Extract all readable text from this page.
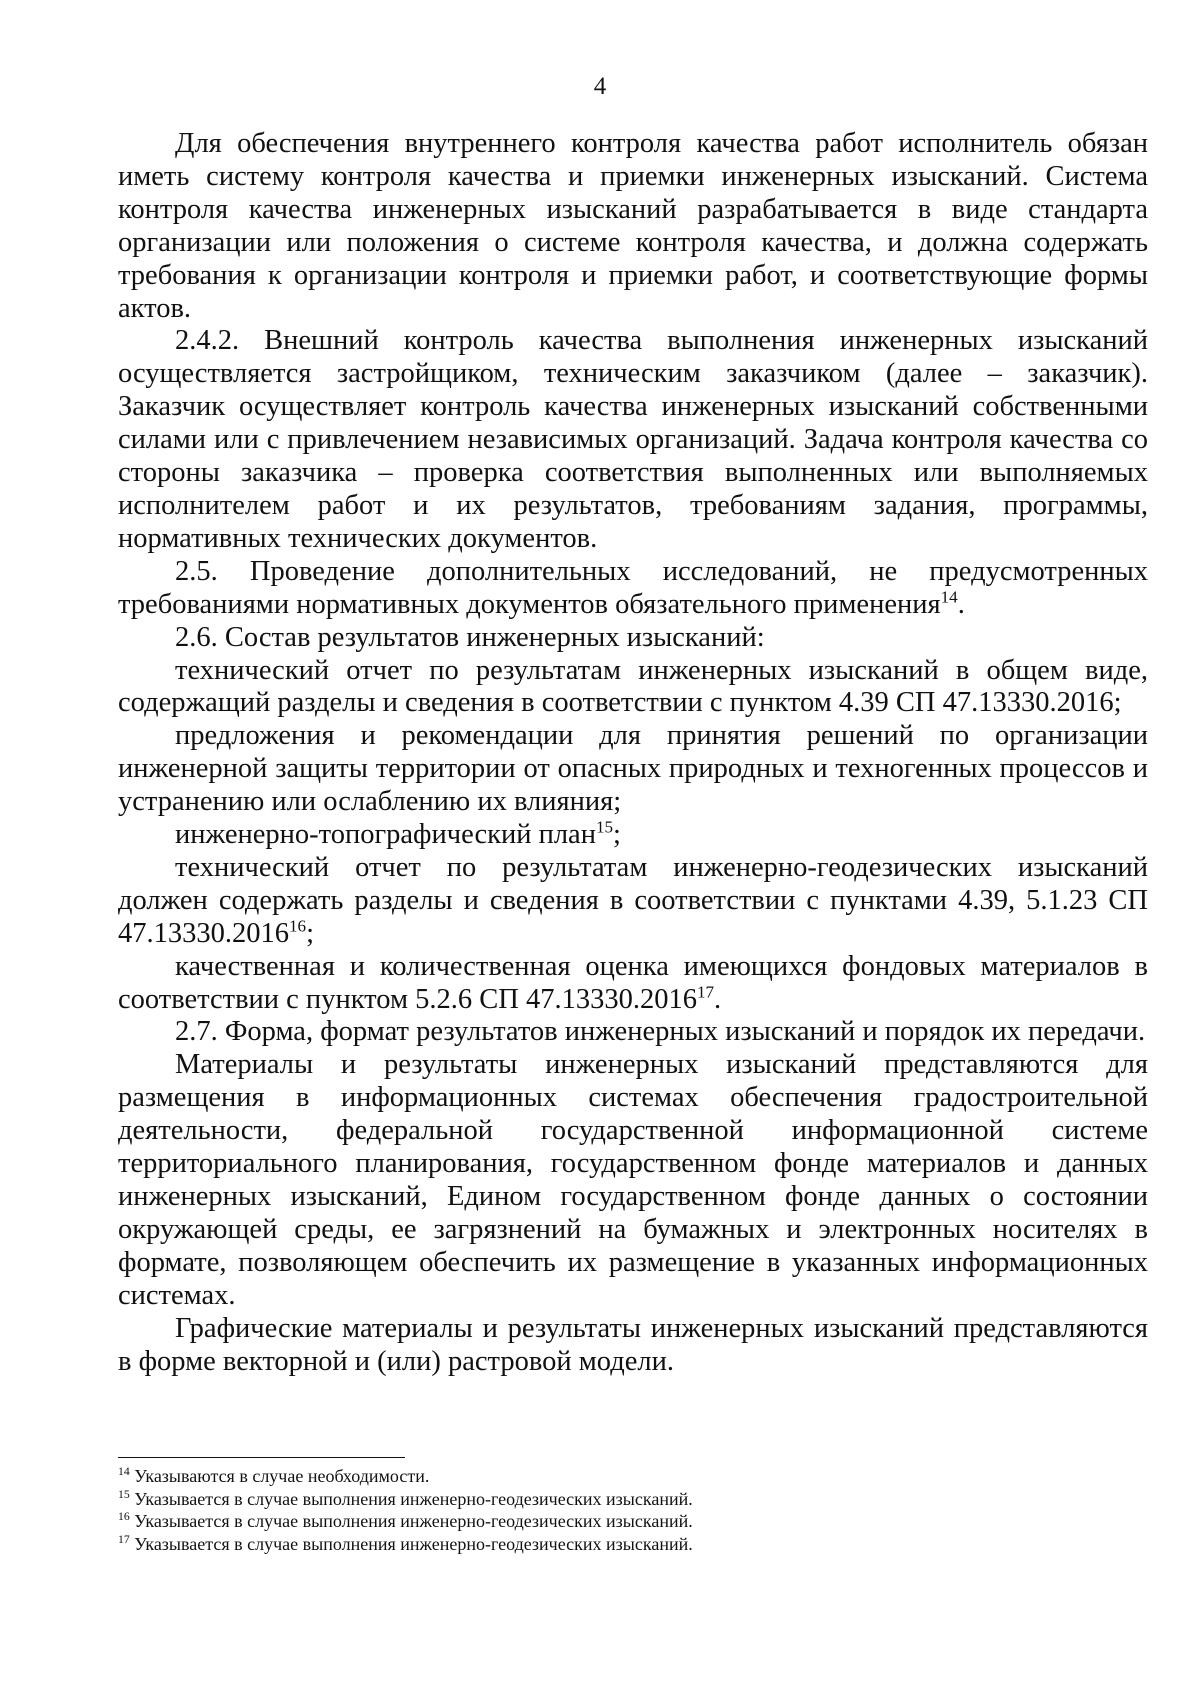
4

Для обеспечения внутреннего контроля качества работ исполнитель обязан иметь систему контроля качества и приемки инженерных изысканий. Система контроля качества инженерных изысканий разрабатывается в виде стандарта организации или положения о системе контроля качества, и должна содержать требования к организации контроля и приемки работ, и соответствующие формы актов.

2.4.2. Внешний контроль качества выполнения инженерных изысканий осуществляется застройщиком, техническим заказчиком (далее – заказчик). Заказчик осуществляет контроль качества инженерных изысканий собственными силами или с привлечением независимых организаций. Задача контроля качества со стороны заказчика – проверка соответствия выполненных или выполняемых исполнителем работ и их результатов, требованиям задания, программы, нормативных технических документов.

2.5. Проведение дополнительных исследований, не предусмотренных требованиями нормативных документов обязательного применения$^{14}$.

2.6. Состав результатов инженерных изысканий:

технический отчет по результатам инженерных изысканий в общем виде, содержащий разделы и сведения в соответствии с пунктом 4.39 СП 47.13330.2016;

предложения и рекомендации для принятия решений по организации инженерной защиты территории от опасных природных и техногенных процессов и устранению или ослаблению их влияния;

инженерно-топографический план$^{15}$;

технический отчет по результатам инженерно-геодезических изысканий должен содержать разделы и сведения в соответствии с пунктами 4.39, 5.1.23 СП 47.13330.2016$^{16}$;

качественная и количественная оценка имеющихся фондовых материалов в соответствии с пунктом 5.2.6 СП 47.13330.2016$^{17}$.

2.7. Форма, формат результатов инженерных изысканий и порядок их передачи.

Материалы и результаты инженерных изысканий представляются для размещения в информационных системах обеспечения градостроительной деятельности, федеральной государственной информационной системе территориального планирования, государственном фонде материалов и данных инженерных изысканий, Едином государственном фонде данных о состоянии окружающей среды, ее загрязнений на бумажных и электронных носителях в формате, позволяющем обеспечить их размещение в указанных информационных системах.

Графические материалы и результаты инженерных изысканий представляются в форме векторной и (или) растровой модели.

$^{14}$ Указываются в случае необходимости.

$^{15}$ Указывается в случае выполнения инженерно-геодезических изысканий.

$^{16}$ Указывается в случае выполнения инженерно-геодезических изысканий.

$^{17}$ Указывается в случае выполнения инженерно-геодезических изысканий.
